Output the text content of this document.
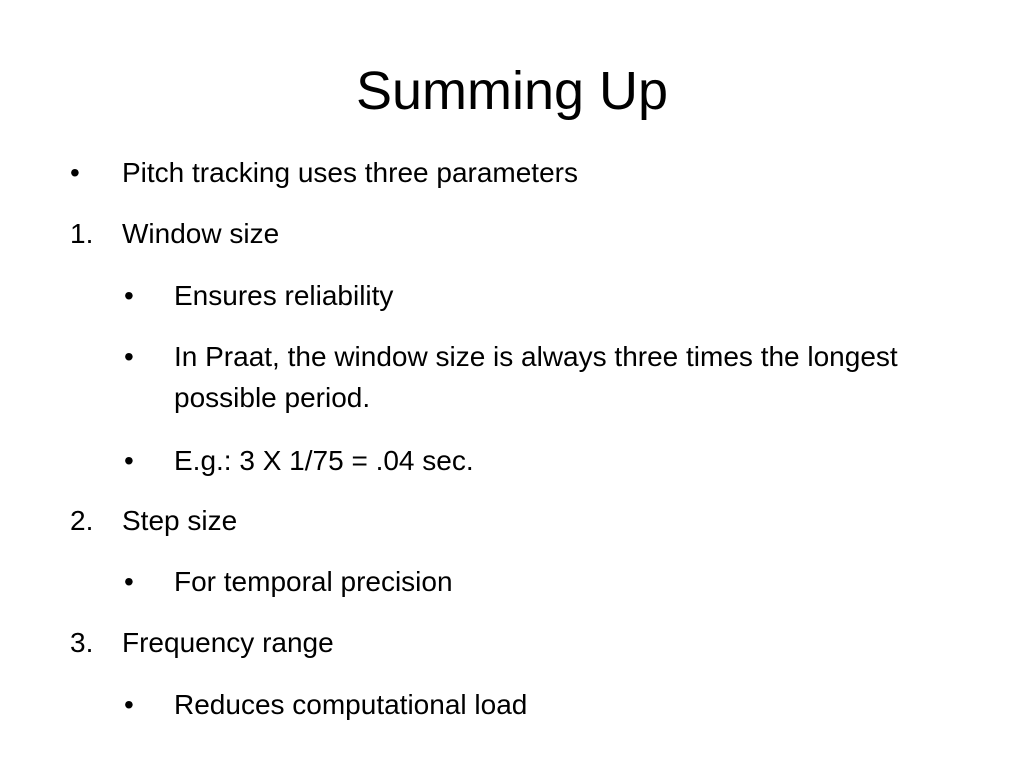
Summing Up
• Pitch tracking uses three parameters
1. Window size
• Ensures reliability
• In Praat, the window size is always three times the longest possible period.
• E.g.: 3 X 1/75 = .04 sec.
2. Step size
• For temporal precision
3. Frequency range
• Reduces computational load
